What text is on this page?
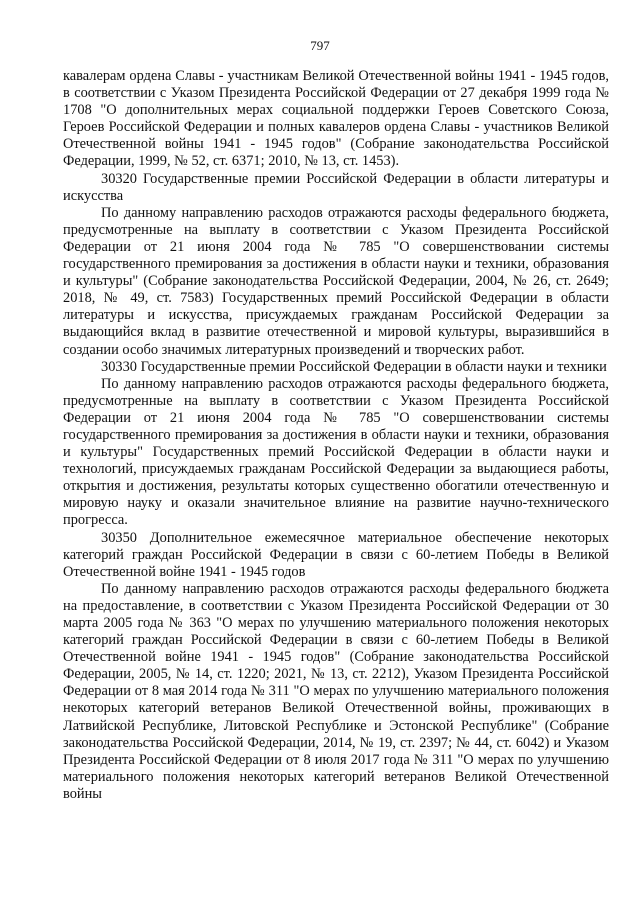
797

кавалерам ордена Славы - участникам Великой Отечественной войны 1941 - 1945 годов, в соответствии с Указом Президента Российской Федерации от 27 декабря 1999 года № 1708 "О дополнительных мерах социальной поддержки Героев Советского Союза, Героев Российской Федерации и полных кавалеров ордена Славы - участников Великой Отечественной войны 1941 - 1945 годов" (Собрание законодательства Российской Федерации, 1999, № 52, ст. 6371; 2010, № 13, ст. 1453).

30320 Государственные премии Российской Федерации в области литературы и искусства

По данному направлению расходов отражаются расходы федерального бюджета, предусмотренные на выплату в соответствии с Указом Президента Российской Федерации от 21 июня 2004 года № 785 "О совершенствовании системы государственного премирования за достижения в области науки и техники, образования и культуры" (Собрание законодательства Российской Федерации, 2004, № 26, ст. 2649; 2018, № 49, ст. 7583) Государственных премий Российской Федерации в области литературы и искусства, присуждаемых гражданам Российской Федерации за выдающийся вклад в развитие отечественной и мировой культуры, выразившийся в создании особо значимых литературных произведений и творческих работ.

30330 Государственные премии Российской Федерации в области науки и техники

По данному направлению расходов отражаются расходы федерального бюджета, предусмотренные на выплату в соответствии с Указом Президента Российской Федерации от 21 июня 2004 года № 785 "О совершенствовании системы государственного премирования за достижения в области науки и техники, образования и культуры" Государственных премий Российской Федерации в области науки и технологий, присуждаемых гражданам Российской Федерации за выдающиеся работы, открытия и достижения, результаты которых существенно обогатили отечественную и мировую науку и оказали значительное влияние на развитие научно-технического прогресса.

30350 Дополнительное ежемесячное материальное обеспечение некоторых категорий граждан Российской Федерации в связи с 60-летием Победы в Великой Отечественной войне 1941 - 1945 годов

По данному направлению расходов отражаются расходы федерального бюджета на предоставление, в соответствии с Указом Президента Российской Федерации от 30 марта 2005 года № 363 "О мерах по улучшению материального положения некоторых категорий граждан Российской Федерации в связи с 60-летием Победы в Великой Отечественной войне 1941 - 1945 годов" (Собрание законодательства Российской Федерации, 2005, № 14, ст. 1220; 2021, № 13, ст. 2212), Указом Президента Российской Федерации от 8 мая 2014 года № 311 "О мерах по улучшению материального положения некоторых категорий ветеранов Великой Отечественной войны, проживающих в Латвийской Республике, Литовской Республике и Эстонской Республике" (Собрание законодательства Российской Федерации, 2014, № 19, ст. 2397; № 44, ст. 6042) и Указом Президента Российской Федерации от 8 июля 2017 года № 311 "О мерах по улучшению материального положения некоторых категорий ветеранов Великой Отечественной войны
